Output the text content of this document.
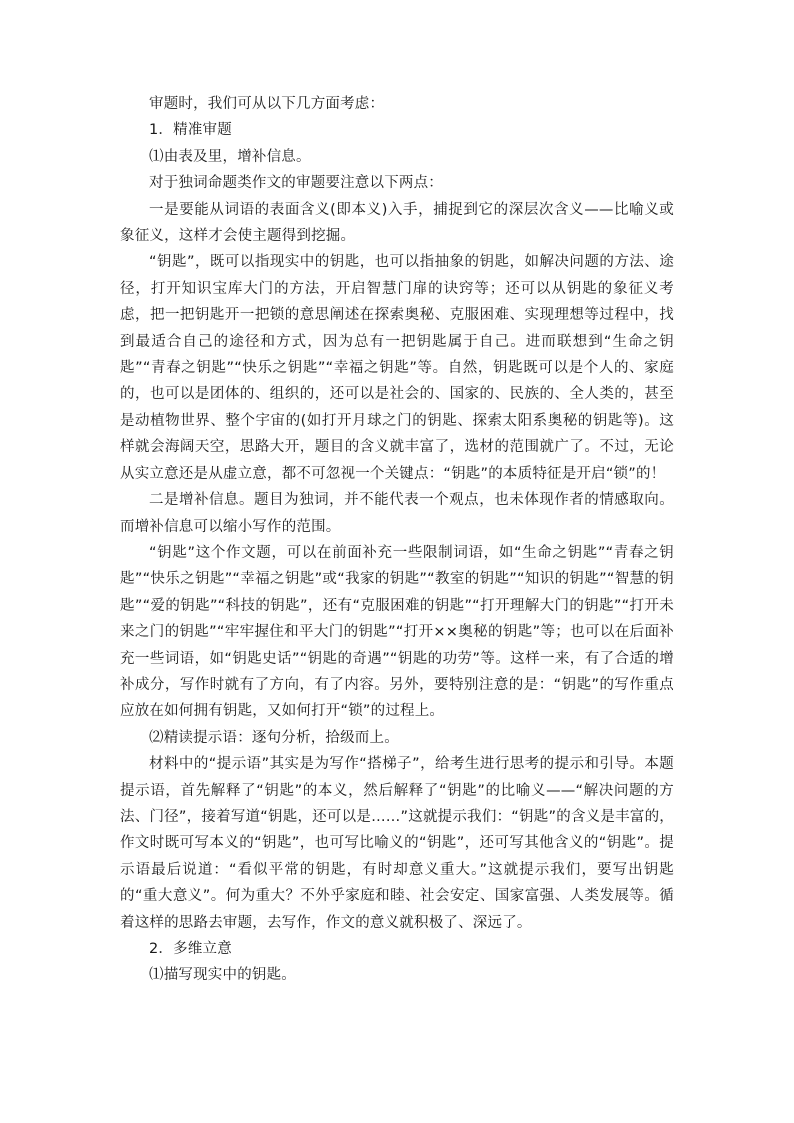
审题时，我们可从以下几方面考虑：

1．精准审题

⑴由表及里，增补信息。

对于独词命题类作文的审题要注意以下两点：

一是要能从词语的表面含义(即本义)入手，捕捉到它的深层次含义——比喻义或象征义，这样才会使主题得到挖掘。

“钥匙”，既可以指现实中的钥匙，也可以指抽象的钥匙，如解决问题的方法、途径，打开知识宝库大门的方法，开启智慧门扉的诀窍等；还可以从钥匙的象征义考虑，把一把钥匙开一把锁的意思阐述在探索奥秘、克服困难、实现理想等过程中，找到最适合自己的途径和方式，因为总有一把钥匙属于自己。进而联想到“生命之钥匙”“青春之钥匙”“快乐之钥匙”“幸福之钥匙”等。自然，钥匙既可以是个人的、家庭的，也可以是团体的、组织的，还可以是社会的、国家的、民族的、全人类的，甚至是动植物世界、整个宇宙的(如打开月球之门的钥匙、探索太阳系奥秘的钥匙等)。这样就会海阔天空，思路大开，题目的含义就丰富了，选材的范围就广了。不过，无论从实立意还是从虚立意，都不可忽视一个关键点：“钥匙”的本质特征是开启“锁”的！

二是增补信息。题目为独词，并不能代表一个观点，也未体现作者的情感取向。而增补信息可以缩小写作的范围。

“钥匙”这个作文题，可以在前面补充一些限制词语，如“生命之钥匙”“青春之钥匙”“快乐之钥匙”“幸福之钥匙”或“我家的钥匙”“教室的钥匙”“知识的钥匙”“智慧的钥匙”“爱的钥匙”“科技的钥匙”，还有“克服困难的钥匙”“打开理解大门的钥匙”“打开未来之门的钥匙”“牢牢握住和平大门的钥匙”“打开××奥秘的钥匙”等；也可以在后面补充一些词语，如“钥匙史话”“钥匙的奇遇”“钥匙的功劳”等。这样一来，有了合适的增补成分，写作时就有了方向，有了内容。另外，要特别注意的是：“钥匙”的写作重点应放在如何拥有钥匙，又如何打开“锁”的过程上。

⑵精读提示语：逐句分析，拾级而上。

材料中的“提示语”其实是为写作“搭梯子”，给考生进行思考的提示和引导。本题提示语，首先解释了“钥匙”的本义，然后解释了“钥匙”的比喻义——“解决问题的方法、门径”，接着写道“钥匙，还可以是……”这就提示我们：“钥匙”的含义是丰富的，作文时既可写本义的“钥匙”，也可写比喻义的“钥匙”，还可写其他含义的“钥匙”。提示语最后说道：“看似平常的钥匙，有时却意义重大。”这就提示我们，要写出钥匙的“重大意义”。何为重大？不外乎家庭和睦、社会安定、国家富强、人类发展等。循着这样的思路去审题，去写作，作文的意义就积极了、深远了。

2．多维立意

⑴描写现实中的钥匙。
